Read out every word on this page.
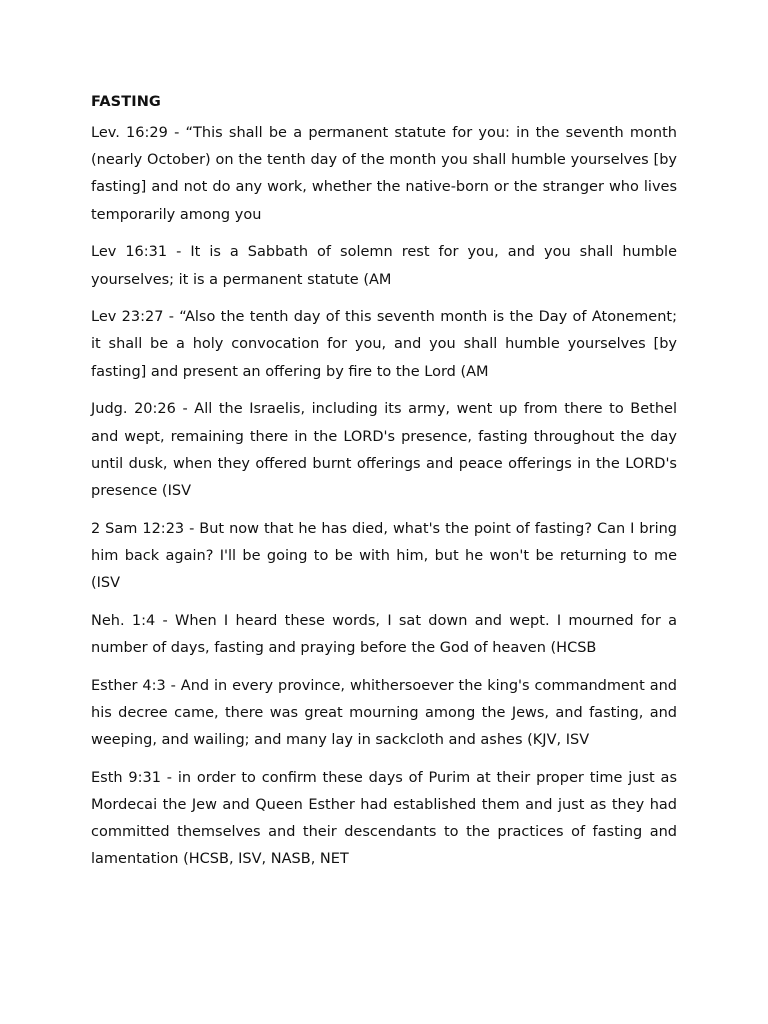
FASTING

Lev. 16:29 - “This shall be a permanent statute for you: in the seventh month (nearly October) on the tenth day of the month you shall humble yourselves [by fasting] and not do any work, whether the native-born or the stranger who lives temporarily among you

Lev 16:31 - It is a Sabbath of solemn rest for you, and you shall humble yourselves; it is a permanent statute (AM

Lev 23:27 - “Also the tenth day of this seventh month is the Day of Atonement; it shall be a holy convocation for you, and you shall humble yourselves [by fasting] and present an offering by fire to the Lord (AM

Judg. 20:26 - All the Israelis, including its army, went up from there to Bethel and wept, remaining there in the LORD's presence, fasting throughout the day until dusk, when they offered burnt offerings and peace offerings in the LORD's presence (ISV

2 Sam 12:23 - But now that he has died, what's the point of fasting? Can I bring him back again? I'll be going to be with him, but he won't be returning to me (ISV

Neh. 1:4 - When I heard these words, I sat down and wept. I mourned for a number of days, fasting and praying before the God of heaven (HCSB

Esther 4:3 - And in every province, whithersoever the king's commandment and his decree came, there was great mourning among the Jews, and fasting, and weeping, and wailing; and many lay in sackcloth and ashes (KJV, ISV

Esth 9:31 - in order to confirm these days of Purim at their proper time just as Mordecai the Jew and Queen Esther had established them and just as they had committed themselves and their descendants to the practices of fasting and lamentation (HCSB, ISV, NASB, NET
